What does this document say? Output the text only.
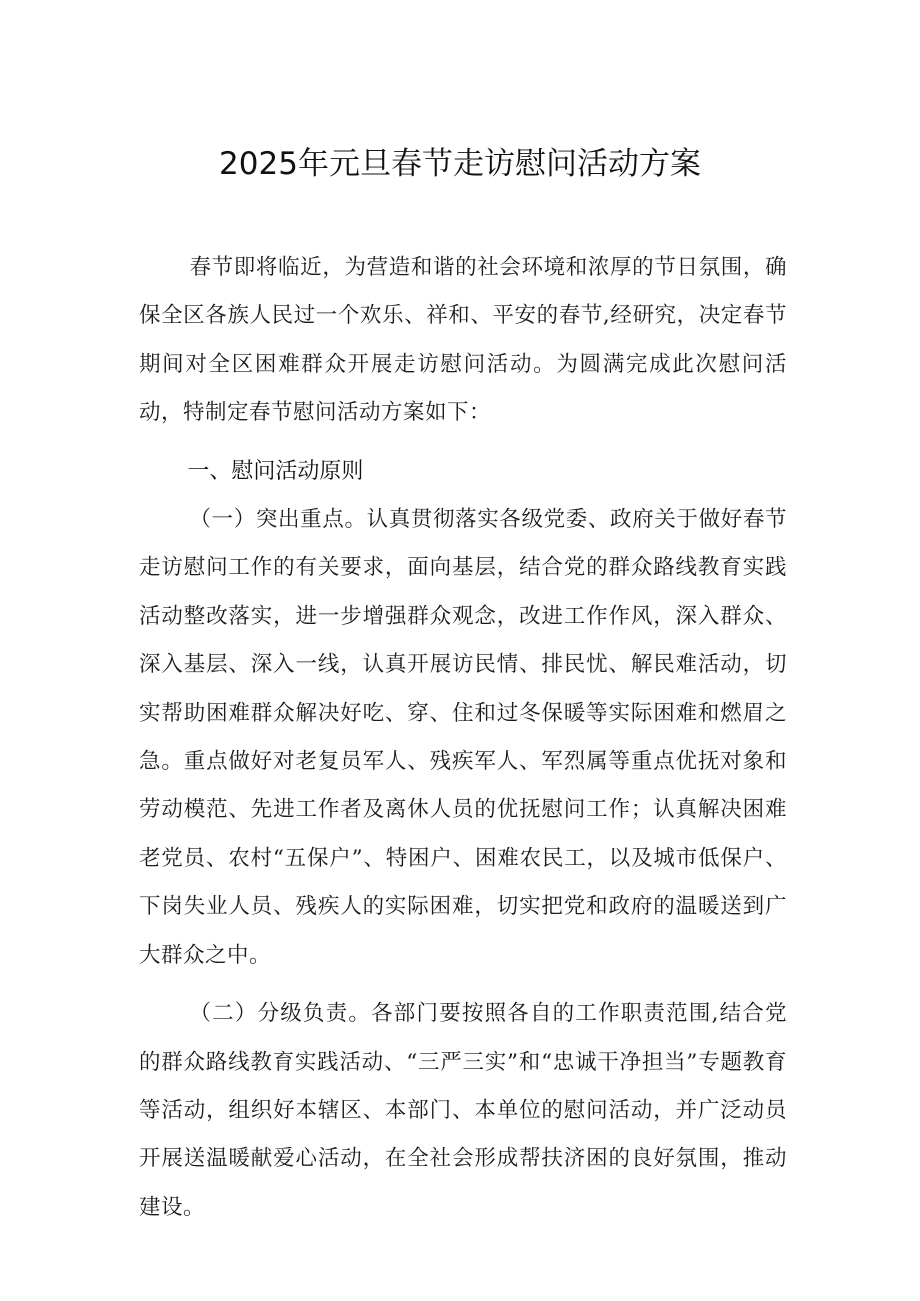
2025年元旦春节走访慰问活动方案

春节即将临近，为营造和谐的社会环境和浓厚的节日氛围，确保全区各族人民过一个欢乐、祥和、平安的春节,经研究，决定春节期间对全区困难群众开展走访慰问活动。为圆满完成此次慰问活动，特制定春节慰问活动方案如下：

一、慰问活动原则

（一）突出重点。认真贯彻落实各级党委、政府关于做好春节走访慰问工作的有关要求，面向基层，结合党的群众路线教育实践活动整改落实，进一步增强群众观念，改进工作作风，深入群众、深入基层、深入一线，认真开展访民情、排民忧、解民难活动，切实帮助困难群众解决好吃、穿、住和过冬保暖等实际困难和燃眉之急。重点做好对老复员军人、残疾军人、军烈属等重点优抚对象和劳动模范、先进工作者及离休人员的优抚慰问工作；认真解决困难老党员、农村“五保户”、特困户、困难农民工，以及城市低保户、下岗失业人员、残疾人的实际困难，切实把党和政府的温暖送到广大群众之中。

（二）分级负责。各部门要按照各自的工作职责范围,结合党的群众路线教育实践活动、“三严三实”和“忠诚干净担当”专题教育等活动，组织好本辖区、本部门、本单位的慰问活动，并广泛动员开展送温暖献爱心活动，在全社会形成帮扶济困的良好氛围，推动建设。
